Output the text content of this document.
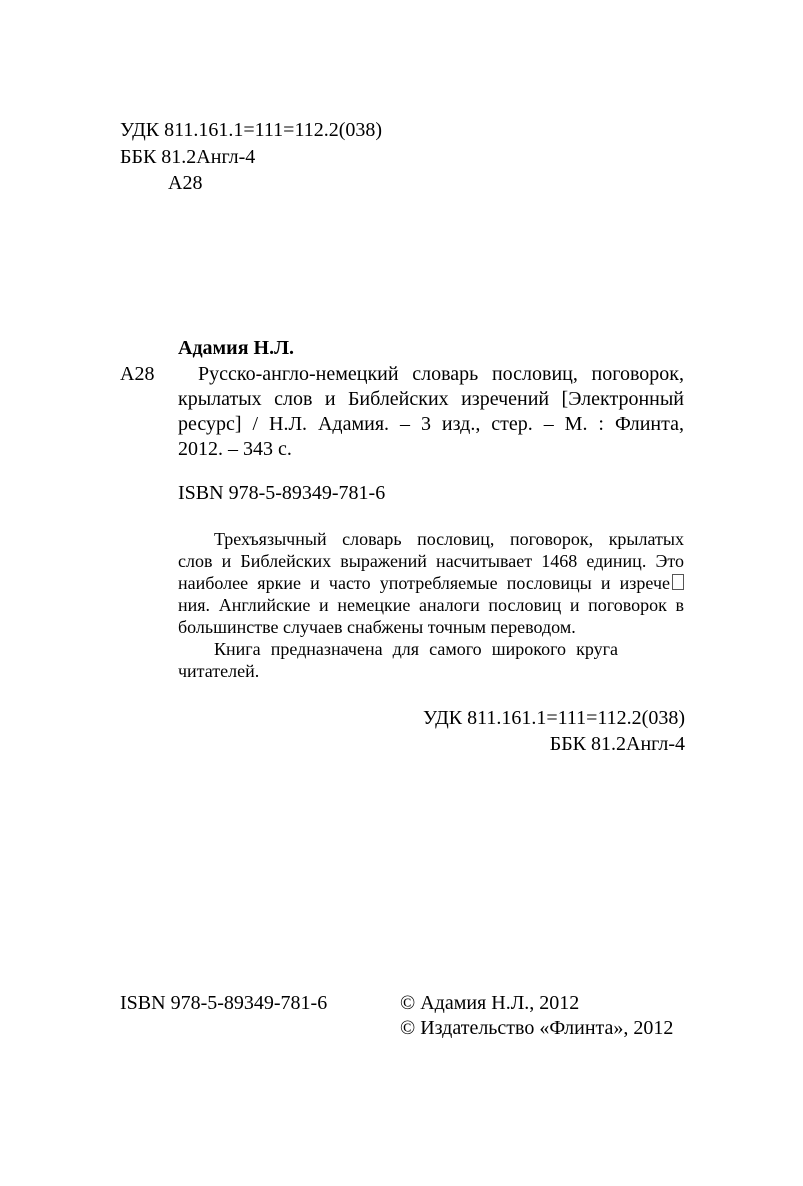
УДК 811.161.1=111=112.2(038)
ББК 81.2Англ-4
А28
Адамия Н.Л.
А28 Русско-англо-немецкий словарь пословиц, поговорок,
крылатых слов и Библейских изречений [Электронный
ресурс] / Н.Л. Адамия. – 3 изд., стер. – М. : Флинта,
2012. – 343 с.
ISBN 978-5-89349-781-6
Трехъязычный словарь пословиц, поговорок, крылатых
слов и Библейских выражений насчитывает 1468 единиц. Это
наиболее яркие и часто употребляемые пословицы и изрече
ния. Английские и немецкие аналоги пословиц и поговорок в
большинстве случаев снабжены точным переводом.
Книга предназначена для самого широкого круга
читателей.
УДК 811.161.1=111=112.2(038)
ББК 81.2Англ-4
ISBN 978-5-89349-781-6	© Адамия Н.Л., 2012
© Издательство «Флинта», 2012
